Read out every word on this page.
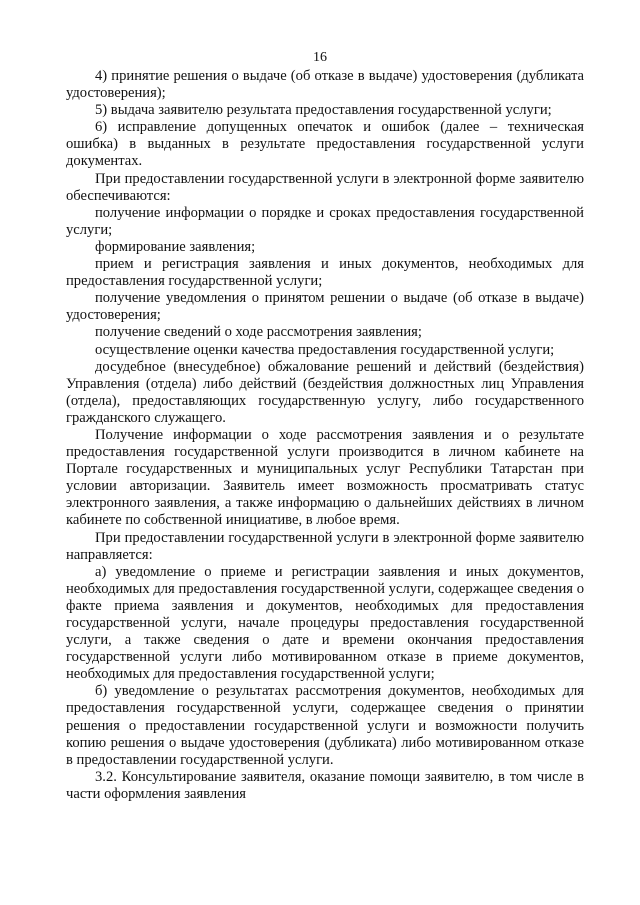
16

4) принятие решения о выдаче (об отказе в выдаче) удостоверения (дубликата удостоверения);

5) выдача заявителю результата предоставления государственной услуги;

6) исправление допущенных опечаток и ошибок (далее – техническая ошибка) в выданных в результате предоставления государственной услуги документах.

При предоставлении государственной услуги в электронной форме заявителю обеспечиваются:

получение информации о порядке и сроках предоставления государственной услуги;

формирование заявления;

прием и регистрация заявления и иных документов, необходимых для предоставления государственной услуги;

получение уведомления о принятом решении о выдаче (об отказе в выдаче) удостоверения;

получение сведений о ходе рассмотрения заявления;

осуществление оценки качества предоставления государственной услуги;

досудебное (внесудебное) обжалование решений и действий (бездействия) Управления (отдела) либо действий (бездействия должностных лиц Управления (отдела), предоставляющих государственную услугу, либо государственного гражданского служащего.

Получение информации о ходе рассмотрения заявления и о результате предоставления государственной услуги производится в личном кабинете на Портале государственных и муниципальных услуг Республики Татарстан при условии авторизации. Заявитель имеет возможность просматривать статус электронного заявления, а также информацию о дальнейших действиях в личном кабинете по собственной инициативе, в любое время.

При предоставлении государственной услуги в электронной форме заявителю направляется:

а) уведомление о приеме и регистрации заявления и иных документов, необходимых для предоставления государственной услуги, содержащее сведения о факте приема заявления и документов, необходимых для предоставления государственной услуги, начале процедуры предоставления государственной услуги, а также сведения о дате и времени окончания предоставления государственной услуги либо мотивированном отказе в приеме документов, необходимых для предоставления государственной услуги;

б) уведомление о результатах рассмотрения документов, необходимых для предоставления государственной услуги, содержащее сведения о принятии решения о предоставлении государственной услуги и возможности получить копию решения о выдаче удостоверения (дубликата) либо мотивированном отказе в предоставлении государственной услуги.

3.2. Консультирование заявителя, оказание помощи заявителю, в том числе в части оформления заявления
